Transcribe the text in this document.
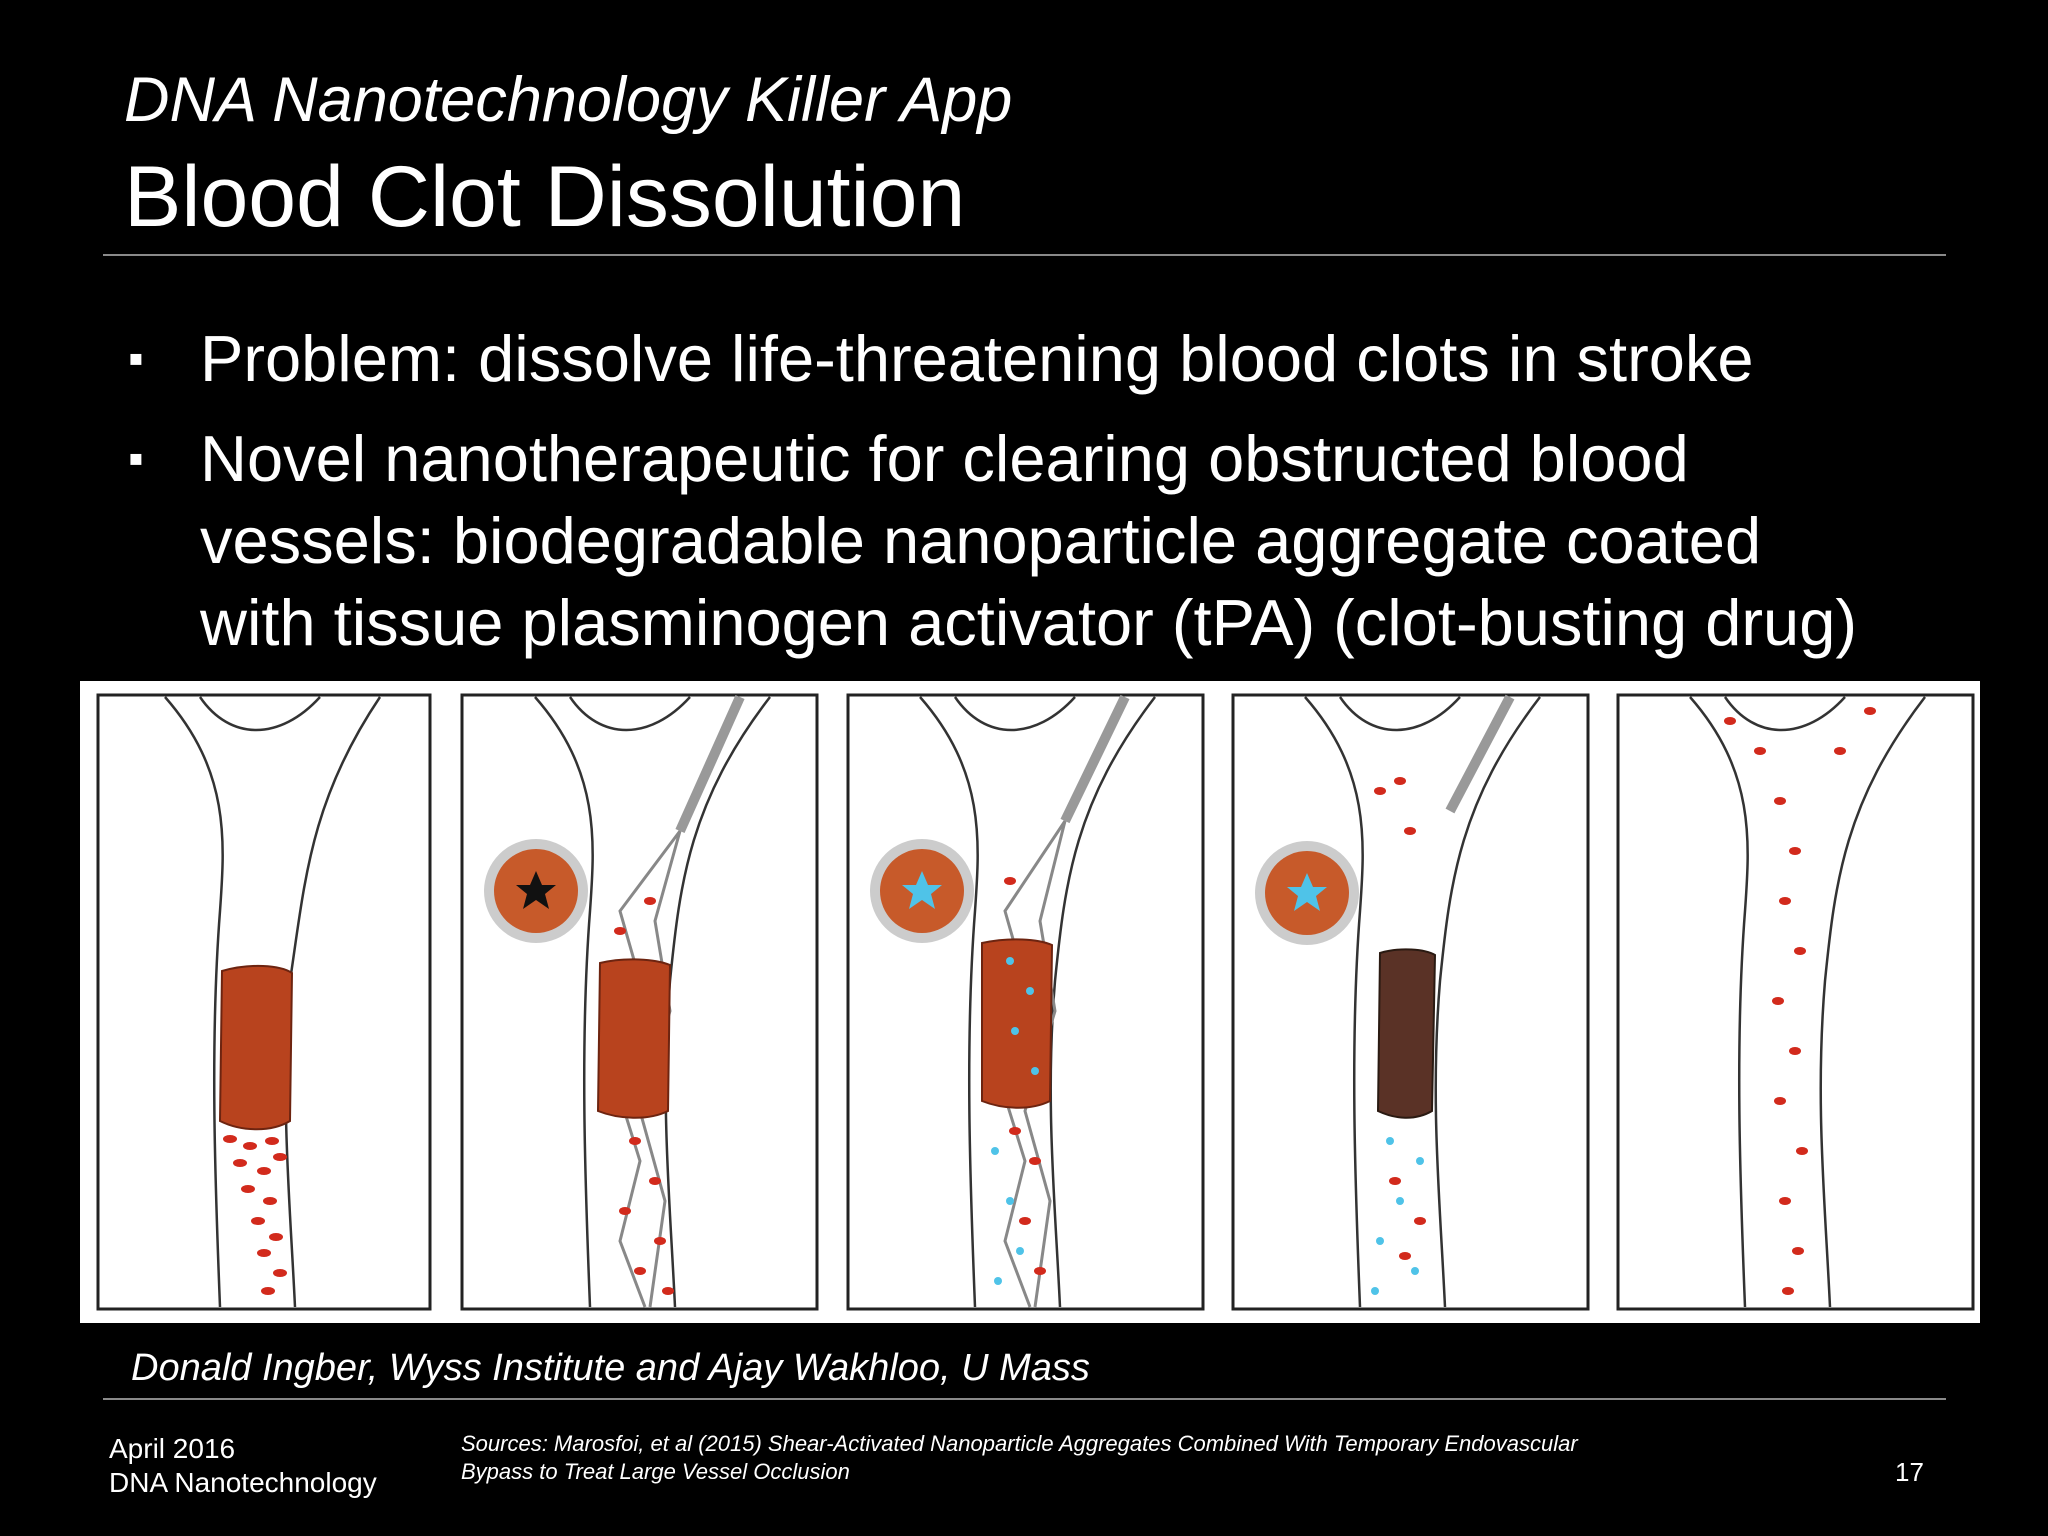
DNA Nanotechnology Killer App
Blood Clot Dissolution
▪ Problem: dissolve life-threatening blood clots in stroke
▪ Novel nanotherapeutic for clearing obstructed blood
vessels: biodegradable nanoparticle aggregate coated
with tissue plasminogen activator (tPA) (clot-busting drug)
Donald Ingber, Wyss Institute and Ajay Wakhloo, U Mass
April 2016
DNA Nanotechnology
Sources: Marosfoi, et al (2015) Shear-Activated Nanoparticle Aggregates Combined With Temporary Endovascular
Bypass to Treat Large Vessel Occlusion	17
